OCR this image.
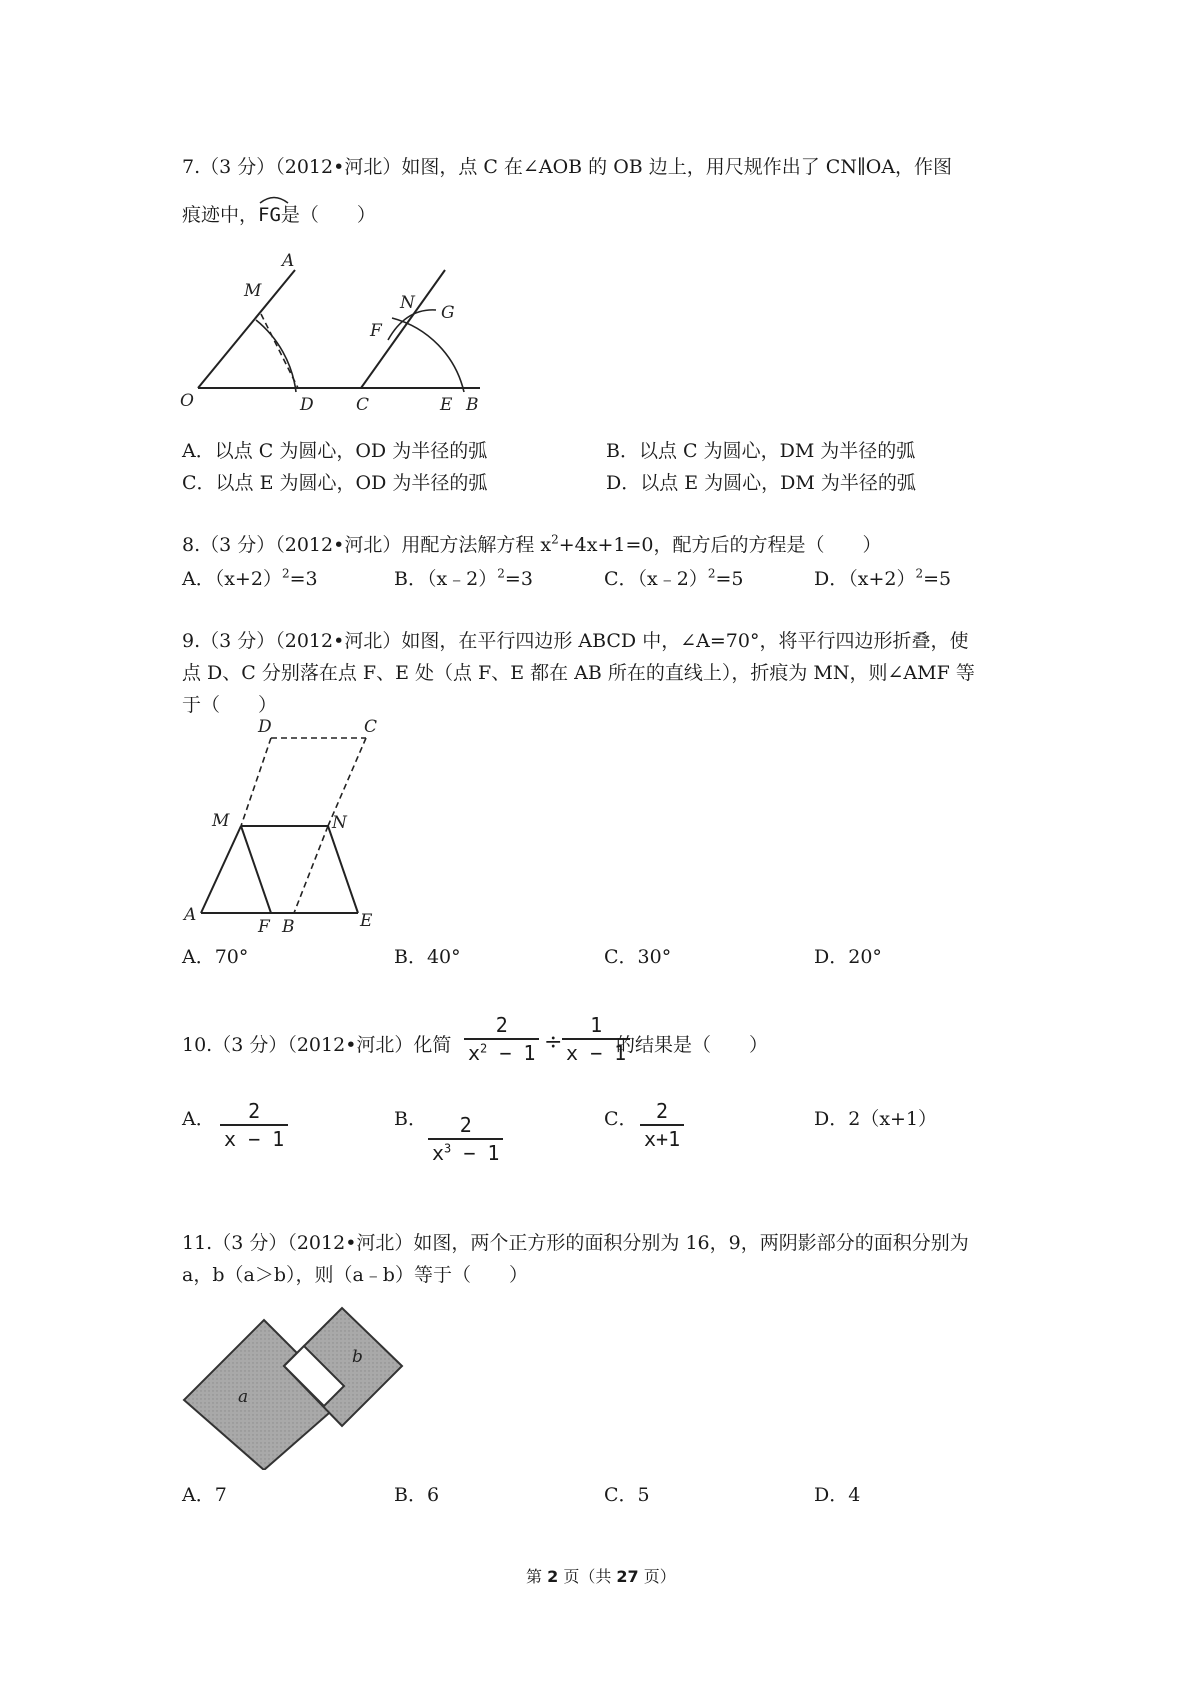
7.（3 分）（2012•河北）如图，点 C 在∠AOB 的 OB 边上，用尺规作出了 CN∥OA，作图
痕迹中，
FG是（　　）
A
M
O	D C
N G
F
E B
A．以点 C 为圆心，OD 为半径的弧	B．以点 C 为圆心，DM 为半径的弧
C．以点 E 为圆心，OD 为半径的弧	D．以点 E 为圆心，DM 为半径的弧
8.（3 分）（2012•河北）用配方法解方程 $x^2+4x+1=0$，配方后的方程是（　　）
A．$(x+2)^2=3$	B．（x﹣2）$^2$=3	C．（x﹣2）$^2$=5	D．$(x+2)^2=5$
9.（3 分）（2012•河北）如图，在平行四边形 ABCD 中，∠A=70°，将平行四边形折叠，使
点 D、C 分别落在点 F、E 处（点 F、E 都在 AB 所在的直线上），折痕为 MN，则∠AMF 等
于（　　）
D	C
M	N
A
F B	E
A．70°	B．40°	C．30°	D．20°
10.（3 分）（2012•河北）化简
2
$x^2 - 1$ ÷
1
x − 1
的结果是（　　）
A． 2
x − 1
B． 2
$x^3 - 1$
C． 2
x+1
D．2（x+1）
11.（3 分）（2012•河北）如图，两个正方形的面积分别为 16，9，两阴影部分的面积分别为
a，b（a＞b），则（a﹣b）等于（　　）
a
b
A．7	B．6	C．5	D．4
第 2 页（共 27 页）
